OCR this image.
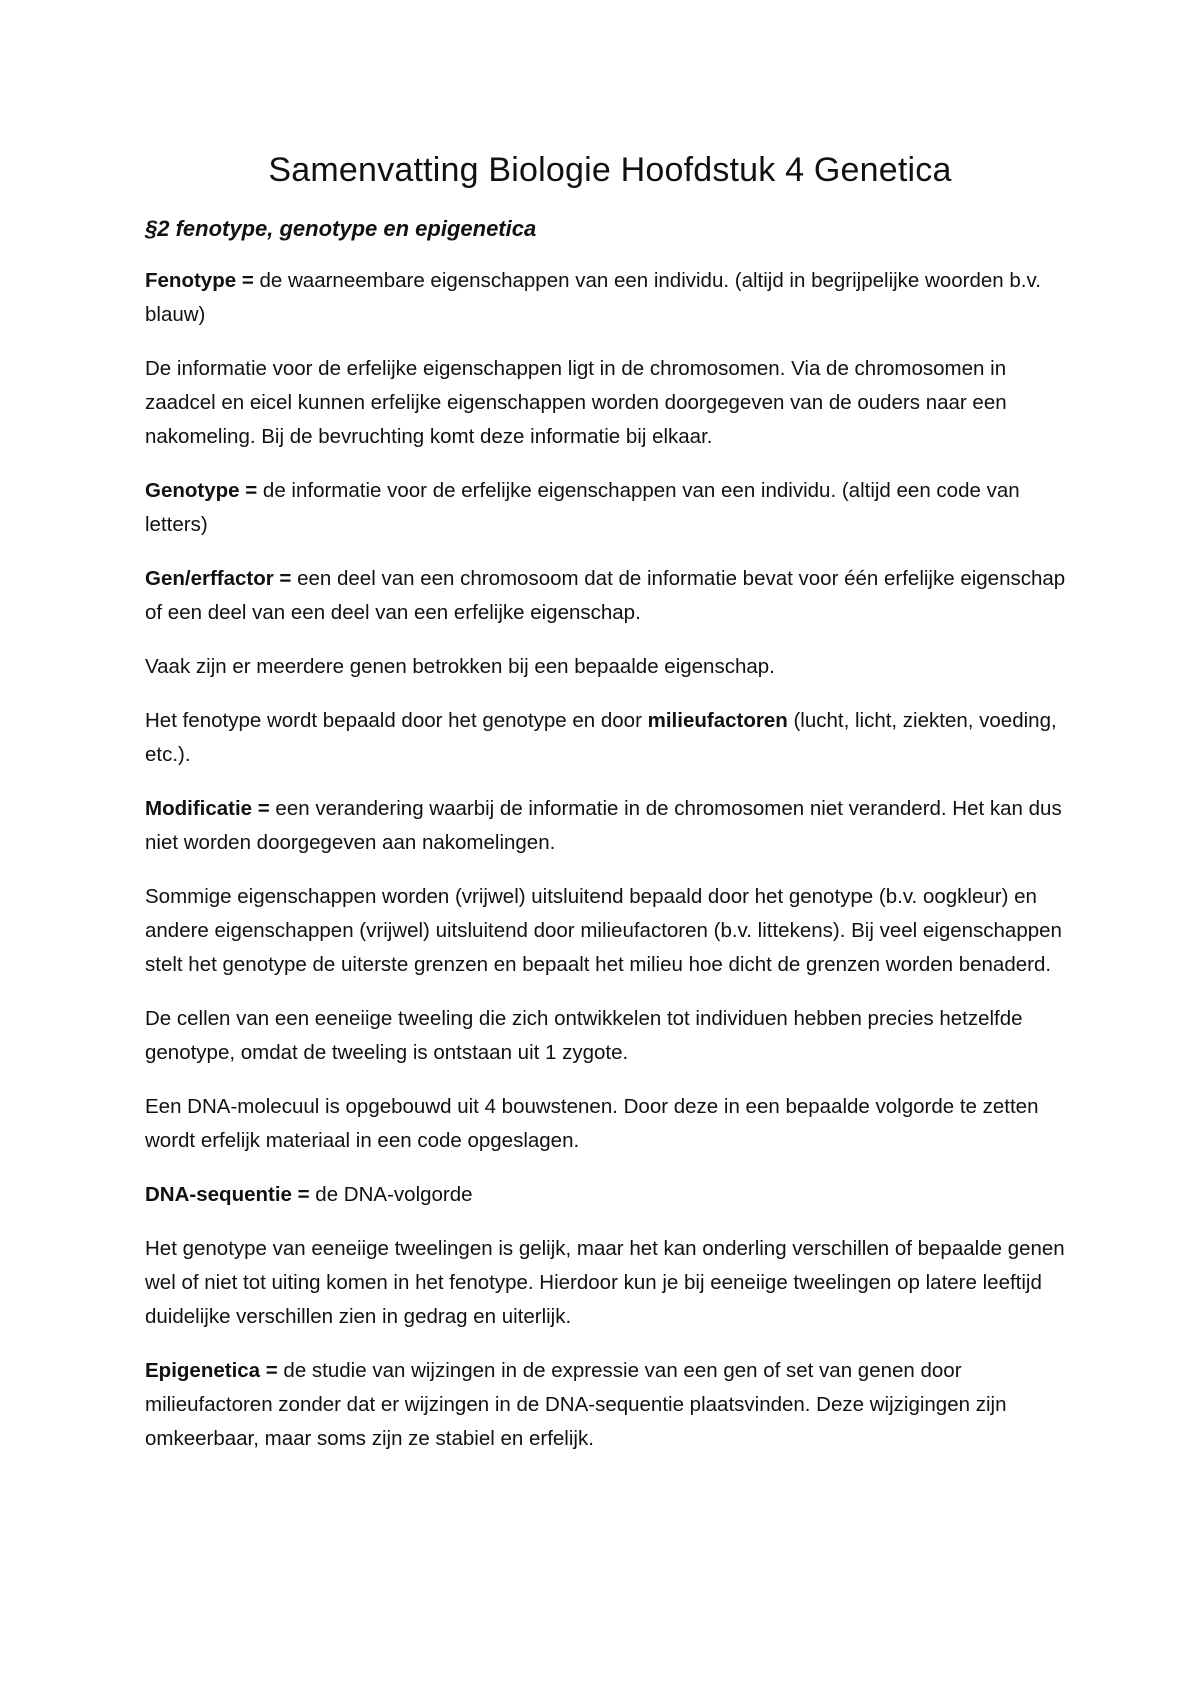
Samenvatting Biologie Hoofdstuk 4 Genetica
§2 fenotype, genotype en epigenetica

Fenotype = de waarneembare eigenschappen van een individu. (altijd in begrijpelijke woorden b.v. blauw)

De informatie voor de erfelijke eigenschappen ligt in de chromosomen. Via de chromosomen in zaadcel en eicel kunnen erfelijke eigenschappen worden doorgegeven van de ouders naar een nakomeling. Bij de bevruchting komt deze informatie bij elkaar.

Genotype = de informatie voor de erfelijke eigenschappen van een individu. (altijd een code van letters)

Gen/erffactor = een deel van een chromosoom dat de informatie bevat voor één erfelijke eigenschap of een deel van een deel van een erfelijke eigenschap.

Vaak zijn er meerdere genen betrokken bij een bepaalde eigenschap.

Het fenotype wordt bepaald door het genotype en door milieufactoren (lucht, licht, ziekten, voeding, etc.).

Modificatie = een verandering waarbij de informatie in de chromosomen niet veranderd. Het kan dus niet worden doorgegeven aan nakomelingen.

Sommige eigenschappen worden (vrijwel) uitsluitend bepaald door het genotype (b.v. oogkleur) en andere eigenschappen (vrijwel) uitsluitend door milieufactoren (b.v. littekens). Bij veel eigenschappen stelt het genotype de uiterste grenzen en bepaalt het milieu hoe dicht de grenzen worden benaderd.

De cellen van een eeneiige tweeling die zich ontwikkelen tot individuen hebben precies hetzelfde genotype, omdat de tweeling is ontstaan uit 1 zygote.

Een DNA-molecuul is opgebouwd uit 4 bouwstenen. Door deze in een bepaalde volgorde te zetten wordt erfelijk materiaal in een code opgeslagen.

DNA-sequentie = de DNA-volgorde

Het genotype van eeneiige tweelingen is gelijk, maar het kan onderling verschillen of bepaalde genen wel of niet tot uiting komen in het fenotype. Hierdoor kun je bij eeneiige tweelingen op latere leeftijd duidelijke verschillen zien in gedrag en uiterlijk.

Epigenetica = de studie van wijzingen in de expressie van een gen of set van genen door milieufactoren zonder dat er wijzingen in de DNA-sequentie plaatsvinden. Deze wijzigingen zijn omkeerbaar, maar soms zijn ze stabiel en erfelijk.
